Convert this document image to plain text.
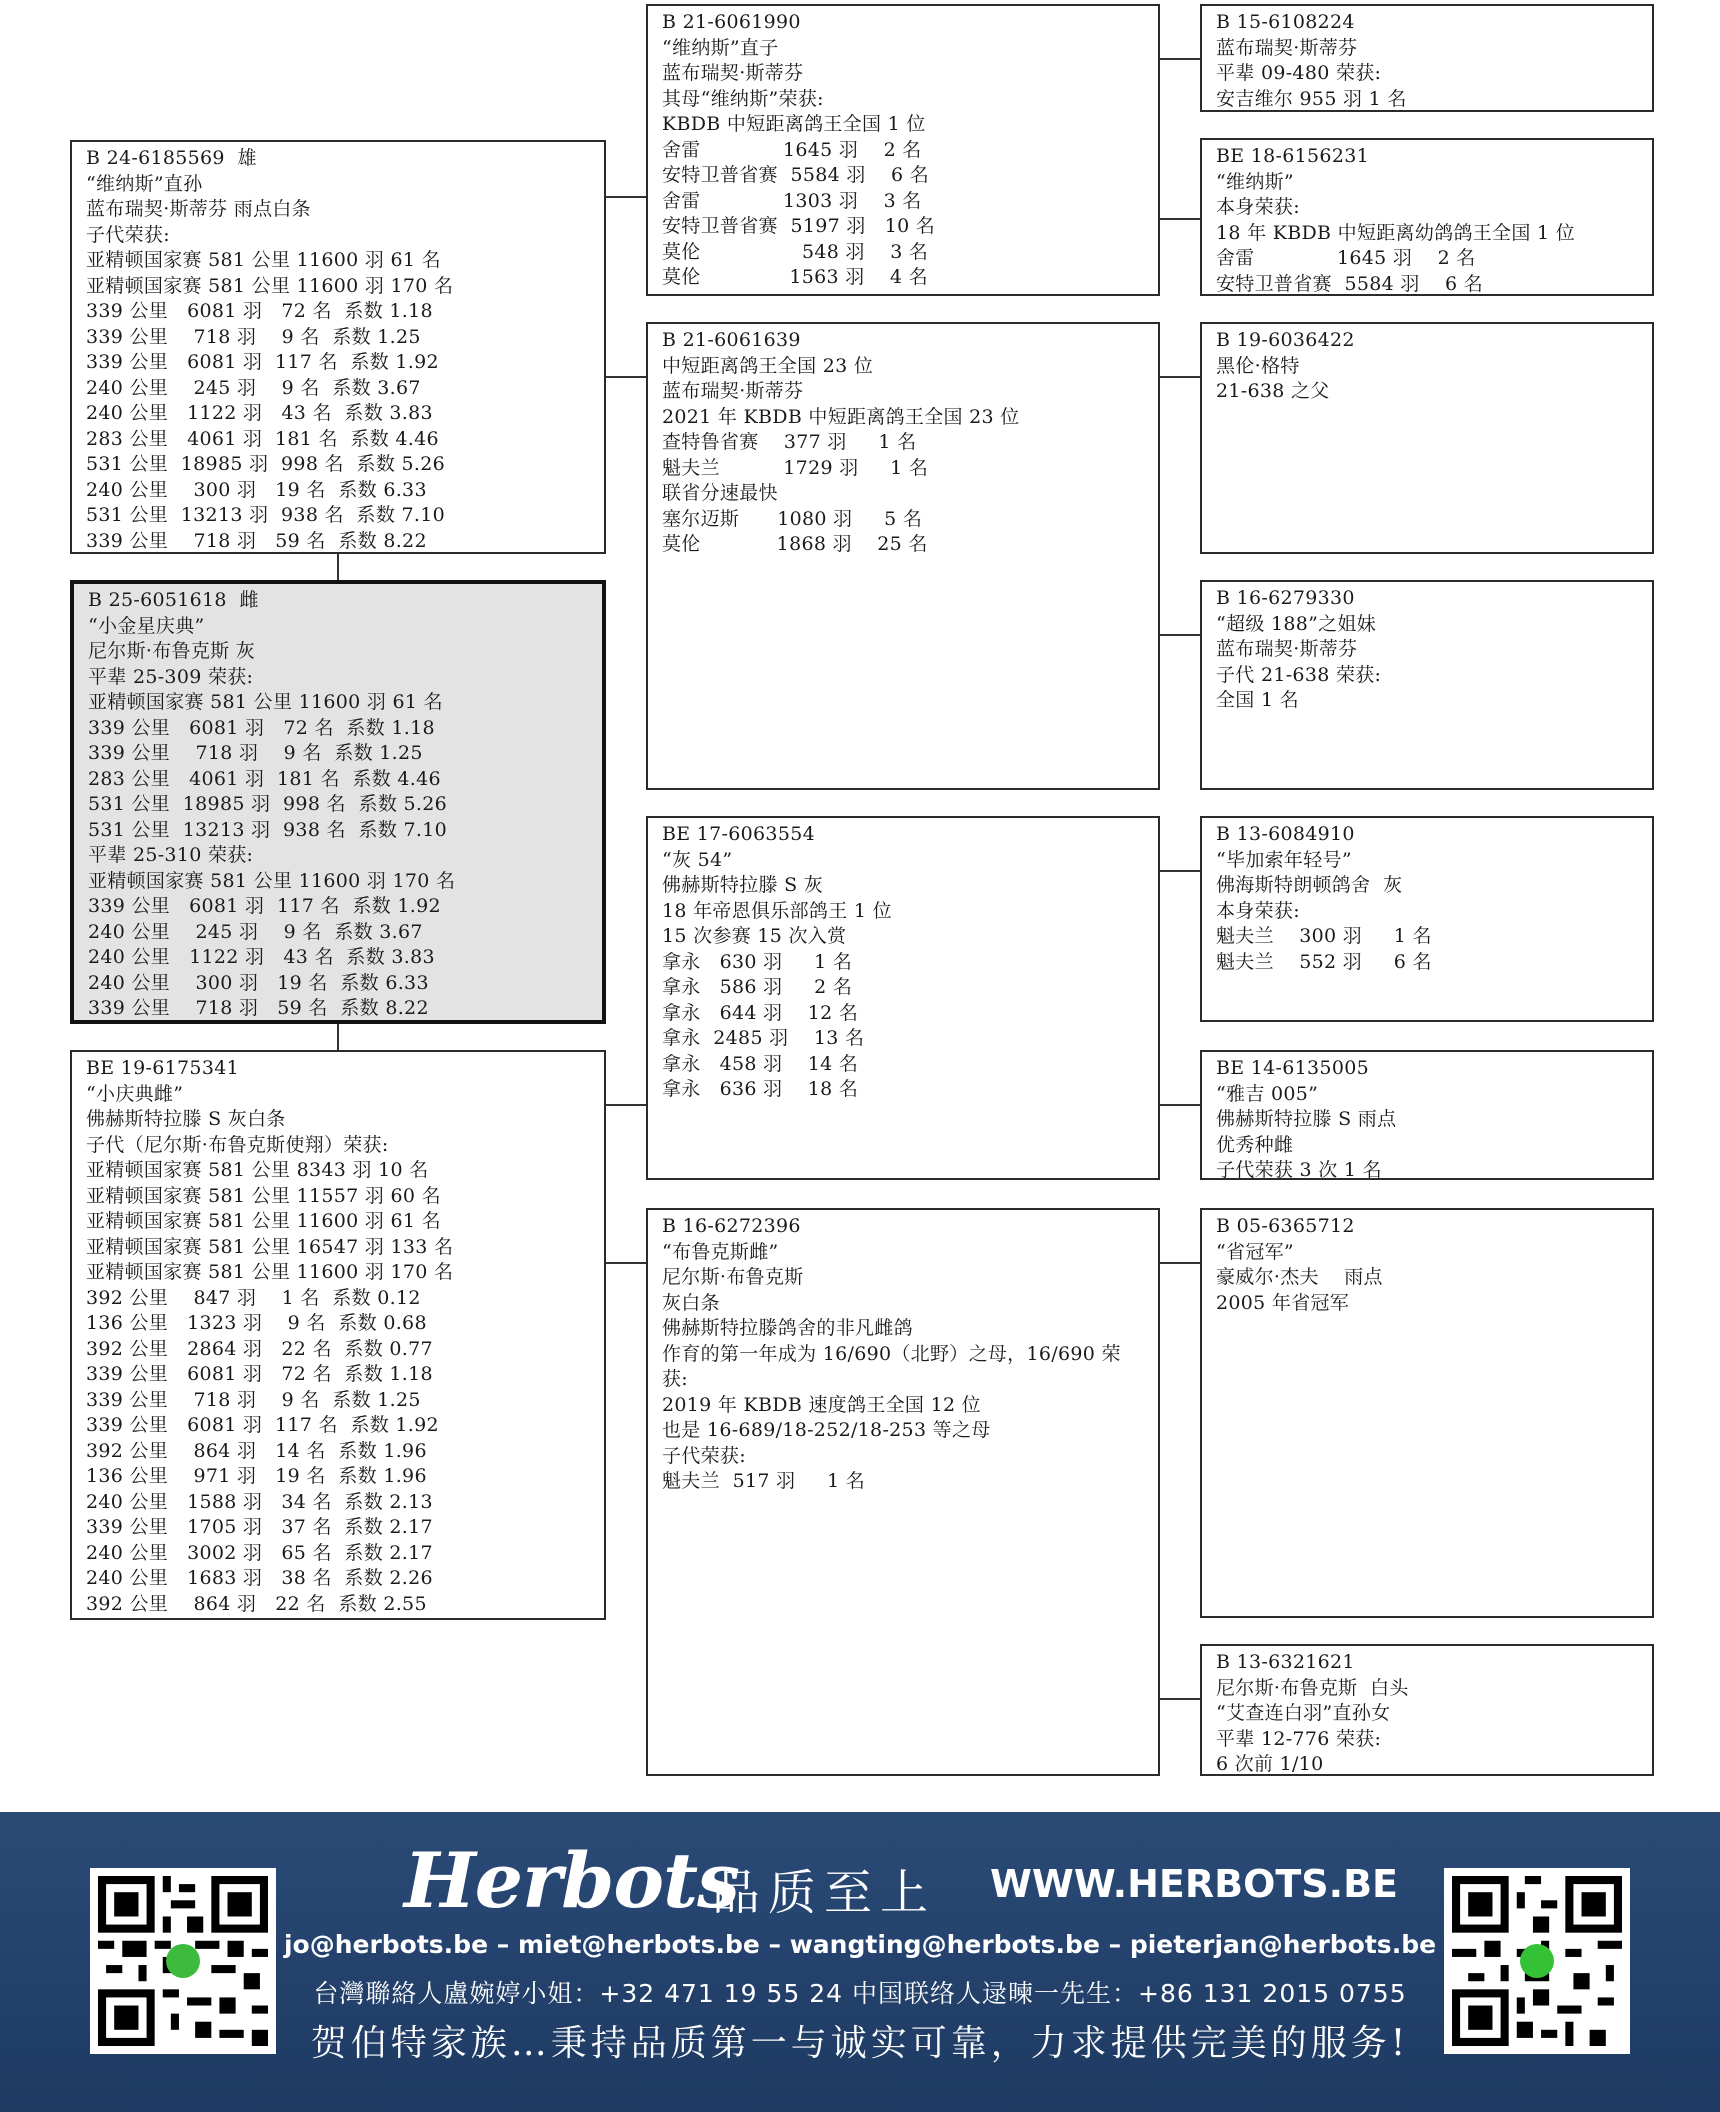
B 24-6185569  雄
“维纳斯”直孙
蓝布瑞契·斯蒂芬 雨点白条
子代荣获:
亚精顿国家赛 581 公里 11600 羽 61 名
亚精顿国家赛 581 公里 11600 羽 170 名
339 公里   6081 羽   72 名  系数 1.18
339 公里    718 羽    9 名  系数 1.25
339 公里   6081 羽  117 名  系数 1.92
240 公里    245 羽    9 名  系数 3.67
240 公里   1122 羽   43 名  系数 3.83
283 公里   4061 羽  181 名  系数 4.46
531 公里  18985 羽  998 名  系数 5.26
240 公里    300 羽   19 名  系数 6.33
531 公里  13213 羽  938 名  系数 7.10
339 公里    718 羽   59 名  系数 8.22
B 25-6051618  雌
“小金星庆典”
尼尔斯·布鲁克斯 灰
平辈 25-309 荣获:
亚精顿国家赛 581 公里 11600 羽 61 名
339 公里   6081 羽   72 名  系数 1.18
339 公里    718 羽    9 名  系数 1.25
283 公里   4061 羽  181 名  系数 4.46
531 公里  18985 羽  998 名  系数 5.26
531 公里  13213 羽  938 名  系数 7.10
平辈 25-310 荣获:
亚精顿国家赛 581 公里 11600 羽 170 名
339 公里   6081 羽  117 名  系数 1.92
240 公里    245 羽    9 名  系数 3.67
240 公里   1122 羽   43 名  系数 3.83
240 公里    300 羽   19 名  系数 6.33
339 公里    718 羽   59 名  系数 8.22
BE 19-6175341
“小庆典雌”
佛赫斯特拉滕 S 灰白条
子代（尼尔斯·布鲁克斯使翔）荣获:
亚精顿国家赛 581 公里 8343 羽 10 名
亚精顿国家赛 581 公里 11557 羽 60 名
亚精顿国家赛 581 公里 11600 羽 61 名
亚精顿国家赛 581 公里 16547 羽 133 名
亚精顿国家赛 581 公里 11600 羽 170 名
392 公里    847 羽    1 名  系数 0.12
136 公里   1323 羽    9 名  系数 0.68
392 公里   2864 羽   22 名  系数 0.77
339 公里   6081 羽   72 名  系数 1.18
339 公里    718 羽    9 名  系数 1.25
339 公里   6081 羽  117 名  系数 1.92
392 公里    864 羽   14 名  系数 1.96
136 公里    971 羽   19 名  系数 1.96
240 公里   1588 羽   34 名  系数 2.13
339 公里   1705 羽   37 名  系数 2.17
240 公里   3002 羽   65 名  系数 2.17
240 公里   1683 羽   38 名  系数 2.26
392 公里    864 羽   22 名  系数 2.55
B 21-6061990
“维纳斯”直子
蓝布瑞契·斯蒂芬
其母“维纳斯”荣获:
KBDB 中短距离鸽王全国 1 位
舍雷             1645 羽    2 名
安特卫普省赛  5584 羽    6 名
舍雷             1303 羽    3 名
安特卫普省赛  5197 羽   10 名
莫伦                548 羽    3 名
莫伦              1563 羽    4 名
B 21-6061639
中短距离鸽王全国 23 位
蓝布瑞契·斯蒂芬
2021 年 KBDB 中短距离鸽王全国 23 位
查特鲁省赛    377 羽     1 名
魁夫兰          1729 羽     1 名
联省分速最快
塞尔迈斯      1080 羽     5 名
莫伦            1868 羽    25 名
BE 17-6063554
“灰 54”
佛赫斯特拉滕 S 灰
18 年帝恩俱乐部鸽王 1 位
15 次参赛 15 次入赏
拿永   630 羽     1 名
拿永   586 羽     2 名
拿永   644 羽    12 名
拿永  2485 羽    13 名
拿永   458 羽    14 名
拿永   636 羽    18 名
B 16-6272396
“布鲁克斯雌”
尼尔斯·布鲁克斯
灰白条
佛赫斯特拉滕鸽舍的非凡雌鸽
作育的第一年成为 16/690（北野）之母，16/690 荣
获:
2019 年 KBDB 速度鸽王全国 12 位
也是 16-689/18-252/18-253 等之母
子代荣获:
魁夫兰  517 羽     1 名
B 15-6108224
蓝布瑞契·斯蒂芬
平辈 09-480 荣获:
安吉维尔 955 羽 1 名
BE 18-6156231
“维纳斯”
本身荣获:
18 年 KBDB 中短距离幼鸽鸽王全国 1 位
舍雷             1645 羽    2 名
安特卫普省赛  5584 羽    6 名
B 19-6036422
黑伦·格特
21-638 之父
B 16-6279330
“超级 188”之姐妹
蓝布瑞契·斯蒂芬
子代 21-638 荣获:
全国 1 名
B 13-6084910
“毕加索年轻号”
佛海斯特朗顿鸽舍  灰
本身荣获:
魁夫兰    300 羽     1 名
魁夫兰    552 羽     6 名
BE 14-6135005
“雅吉 005”
佛赫斯特拉滕 S 雨点
优秀种雌
子代荣获 3 次 1 名
B 05-6365712
“省冠军”
豪威尔·杰夫    雨点
2005 年省冠军
B 13-6321621
尼尔斯·布鲁克斯  白头
“艾查连白羽”直孙女
平辈 12-776 荣获:
6 次前 1/10
Herbots
品质至上 WWW.HERBOTS.BE
jo@herbots.be – miet@herbots.be – wangting@herbots.be – pieterjan@herbots.be
台灣聯絡人盧婉婷小姐：+32 471 19 55 24 中国联络人逯暕一先生：+86 131 2015 0755
贺伯特家族…秉持品质第一与诚实可靠，力求提供完美的服务!
